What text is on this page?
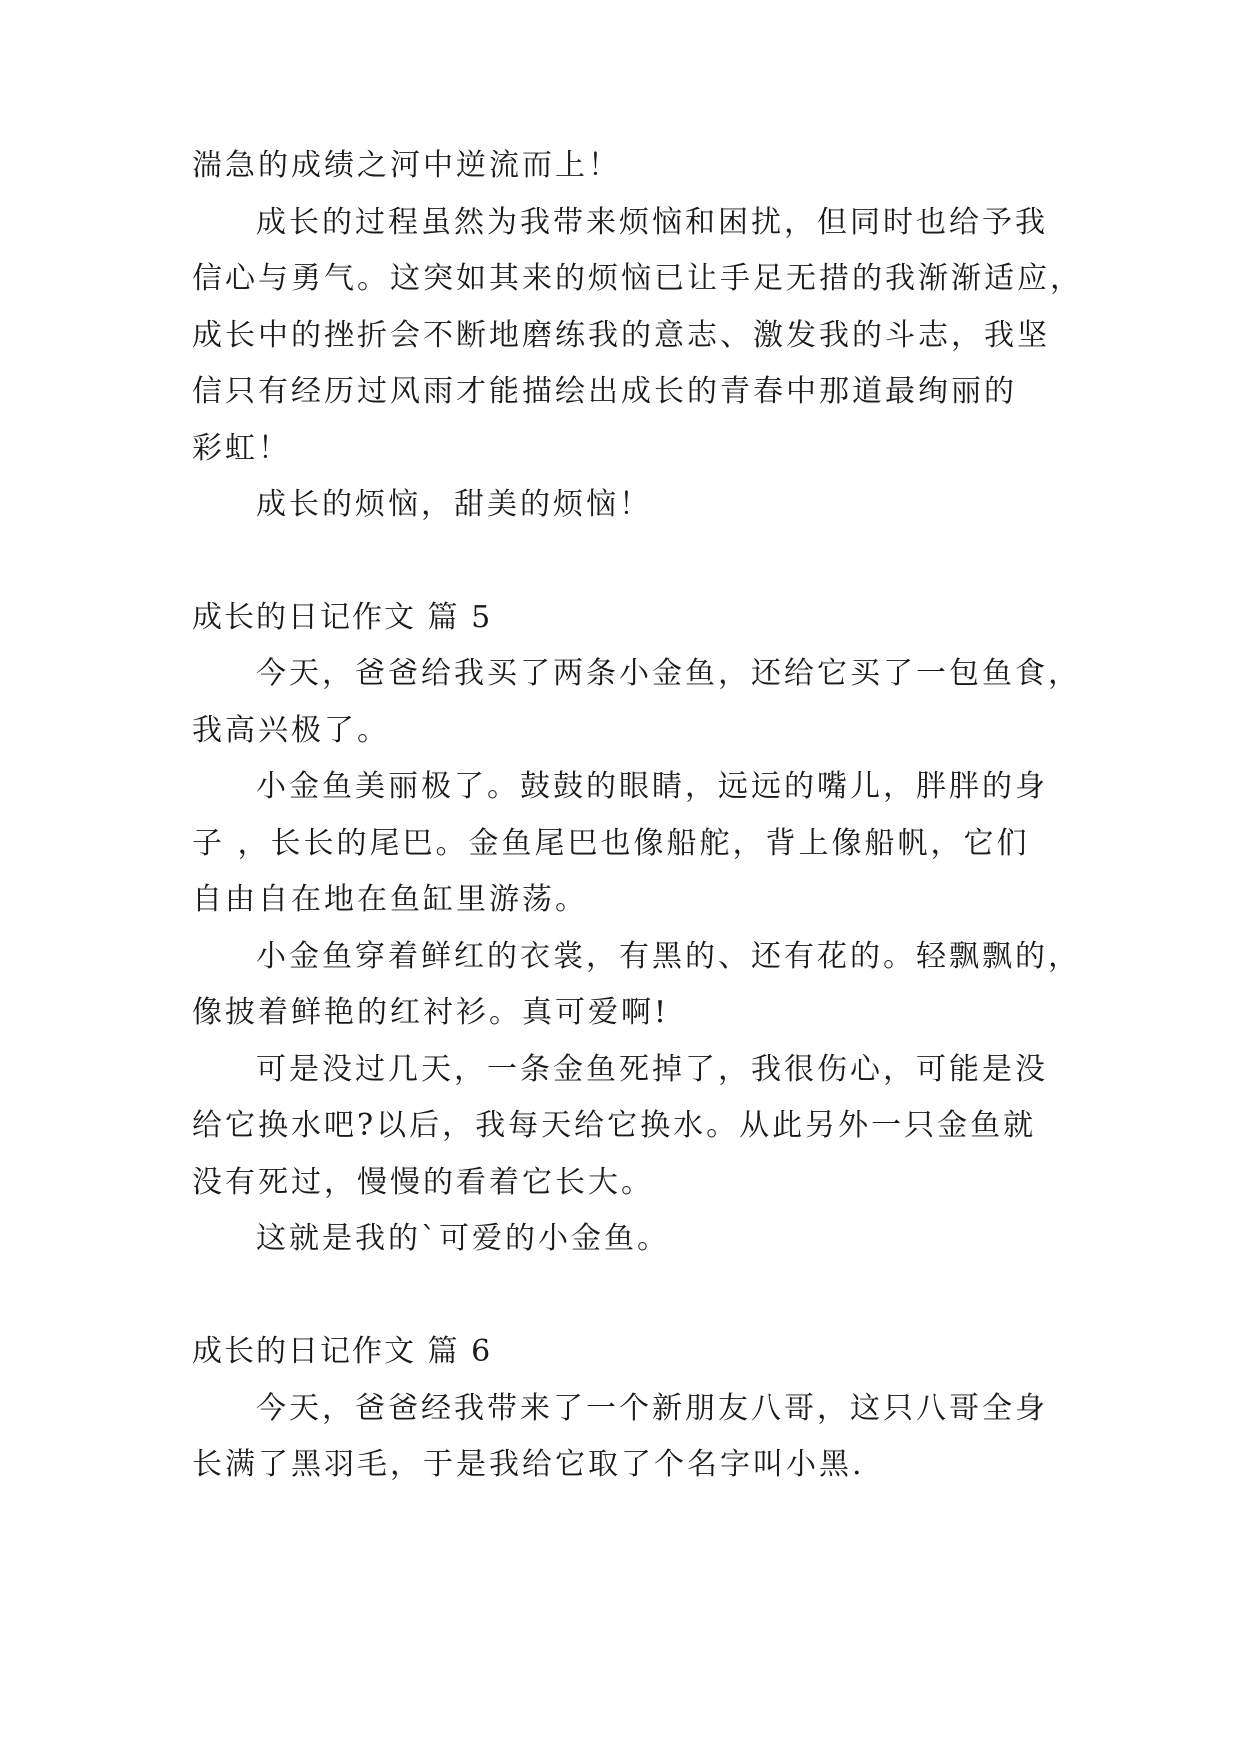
湍急的成绩之河中逆流而上！

成长的过程虽然为我带来烦恼和困扰，但同时也给予我

信心与勇气。这突如其来的烦恼已让手足无措的我渐渐适应，

成长中的挫折会不断地磨练我的意志、激发我的斗志，我坚

信只有经历过风雨才能描绘出成长的青春中那道最绚丽的

彩虹！

成长的烦恼，甜美的烦恼！

成长的日记作文 篇 5

今天，爸爸给我买了两条小金鱼，还给它买了一包鱼食，

我高兴极了。

小金鱼美丽极了。鼓鼓的眼睛，远远的嘴儿，胖胖的身

子 ，长长的尾巴。金鱼尾巴也像船舵，背上像船帆，它们

自由自在地在鱼缸里游荡。

小金鱼穿着鲜红的衣裳，有黑的、还有花的。轻飘飘的，

像披着鲜艳的红衬衫。真可爱啊!

可是没过几天，一条金鱼死掉了，我很伤心，可能是没

给它换水吧?以后，我每天给它换水。从此另外一只金鱼就

没有死过，慢慢的看着它长大。

这就是我的`可爱的小金鱼。

成长的日记作文 篇 6

今天，爸爸经我带来了一个新朋友八哥，这只八哥全身

长满了黑羽毛，于是我给它取了个名字叫小黑.
